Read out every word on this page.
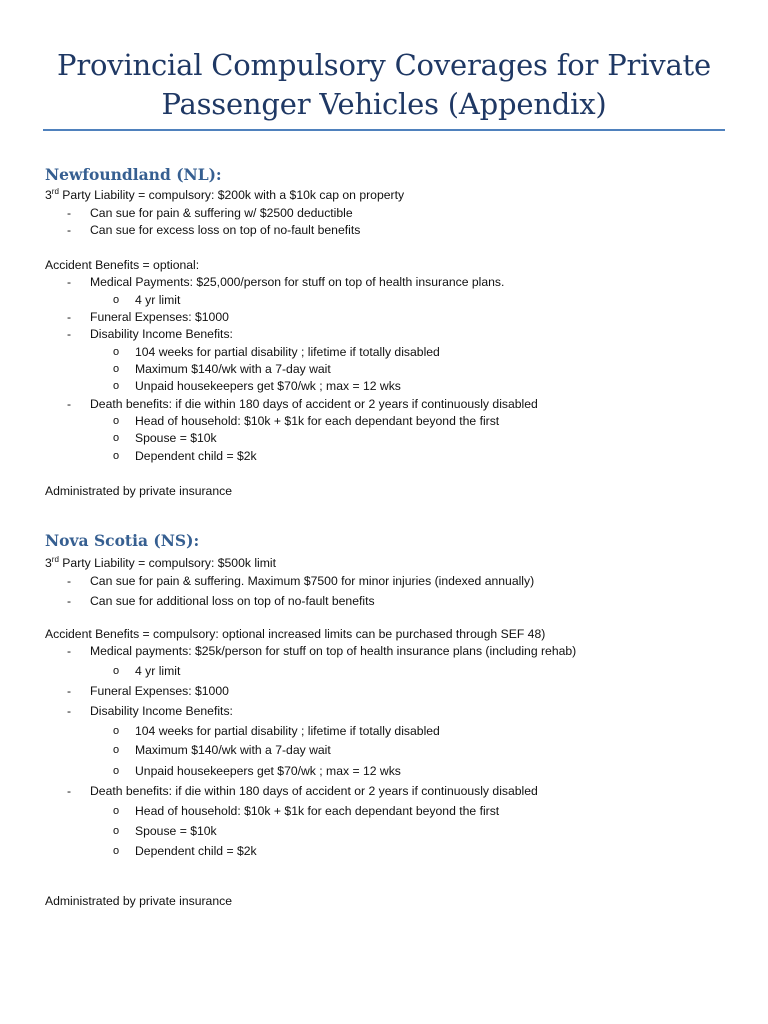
Provincial Compulsory Coverages for Private
Passenger Vehicles (Appendix)
Newfoundland (NL):
3rd Party Liability = compulsory: $200k with a $10k cap on property
- Can sue for pain & suffering w/ $2500 deductible
- Can sue for excess loss on top of no-fault benefits
Accident Benefits = optional:
- Medical Payments: $25,000/person for stuff on top of health insurance plans.
o 4 yr limit
- Funeral Expenses: $1000
- Disability Income Benefits:
o 104 weeks for partial disability ; lifetime if totally disabled
o Maximum $140/wk with a 7-day wait
o Unpaid housekeepers get $70/wk ; max = 12 wks
- Death benefits: if die within 180 days of accident or 2 years if continuously disabled
o Head of household: $10k + $1k for each dependant beyond the first
o Spouse = $10k
o Dependent child = $2k
Administrated by private insurance
Nova Scotia (NS):
3rd Party Liability = compulsory: $500k limit
- Can sue for pain & suffering. Maximum $7500 for minor injuries (indexed annually)
- Can sue for additional loss on top of no-fault benefits
Accident Benefits = compulsory: optional increased limits can be purchased through SEF 48)
- Medical payments: $25k/person for stuff on top of health insurance plans (including rehab)
o 4 yr limit
- Funeral Expenses: $1000
- Disability Income Benefits:
o 104 weeks for partial disability ; lifetime if totally disabled
o Maximum $140/wk with a 7-day wait
o Unpaid housekeepers get $70/wk ; max = 12 wks
- Death benefits: if die within 180 days of accident or 2 years if continuously disabled
o Head of household: $10k + $1k for each dependant beyond the first
o Spouse = $10k
o Dependent child = $2k
Administrated by private insurance
